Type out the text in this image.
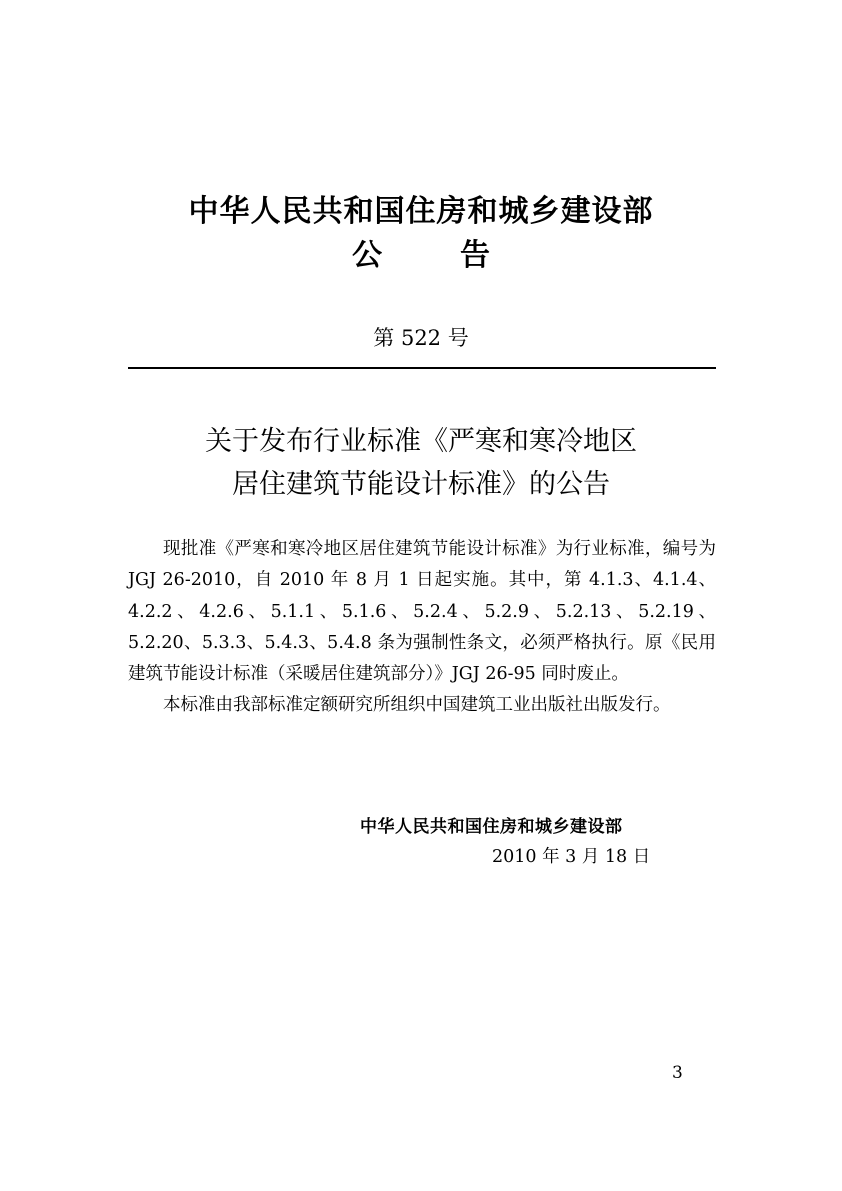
中华人民共和国住房和城乡建设部
公	告
第 522 号
关于发布行业标准《严寒和寒冷地区
居住建筑节能设计标准》的公告

现批准《严寒和寒冷地区居住建筑节能设计标准》为行业标准，编号为 JGJ 26-2010，自 2010 年 8 月 1 日起实施。其中，第 4.1.3、4.1.4、4.2.2、4.2.6、5.1.1、5.1.6、5.2.4、5.2.9、5.2.13、5.2.19、5.2.20、5.3.3、5.4.3、5.4.8 条为强制性条文，必须严格执行。原《民用建筑节能设计标准（采暖居住建筑部分）》JGJ 26-95 同时废止。

本标准由我部标准定额研究所组织中国建筑工业出版社出版发行。

中华人民共和国住房和城乡建设部
2010 年 3 月 18 日
3
